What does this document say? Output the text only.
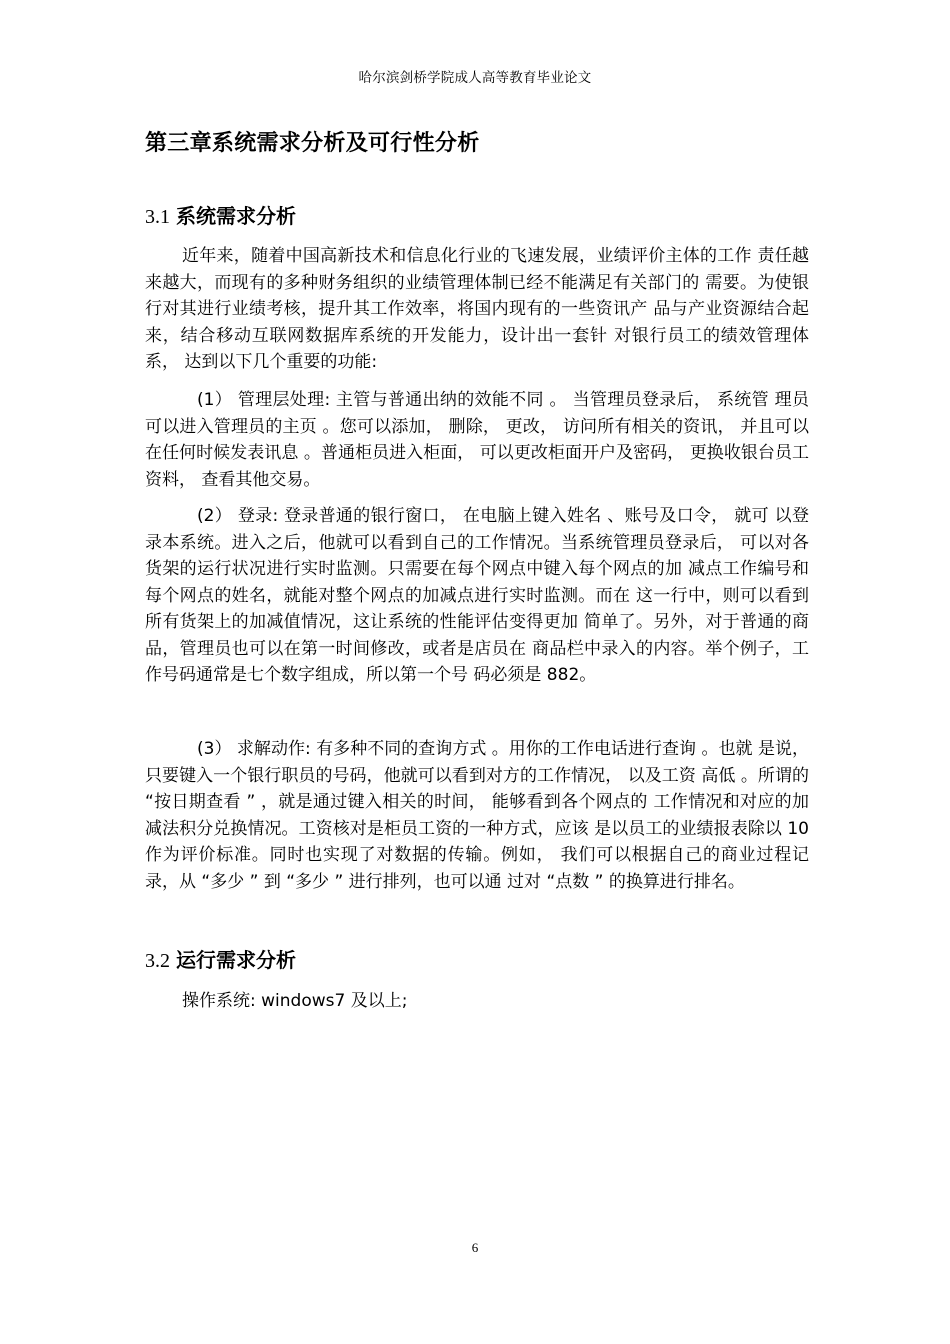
哈尔滨剑桥学院成人高等教育毕业论文
第三章系统需求分析及可行性分析
3.1 系统需求分析

近年来，随着中国高新技术和信息化行业的飞速发展，业绩评价主体的工作 责任越来越大，而现有的多种财务组织的业绩管理体制已经不能满足有关部门的 需要。为使银行对其进行业绩考核，提升其工作效率，将国内现有的一些资讯产 品与产业资源结合起来，结合移动互联网数据库系统的开发能力，设计出一套针 对银行员工的绩效管理体系， 达到以下几个重要的功能:

(1） 管理层处理: 主管与普通出纳的效能不同 。 当管理员登录后， 系统管 理员可以进入管理员的主页 。您可以添加， 删除， 更改， 访问所有相关的资讯， 并且可以在任何时候发表讯息 。普通柜员进入柜面， 可以更改柜面开户及密码， 更换收银台员工资料， 查看其他交易。

(2） 登录: 登录普通的银行窗口， 在电脑上键入姓名 、账号及口令， 就可 以登录本系统。进入之后，他就可以看到自己的工作情况。当系统管理员登录后， 可以对各货架的运行状况进行实时监测。只需要在每个网点中键入每个网点的加 减点工作编号和每个网点的姓名，就能对整个网点的加减点进行实时监测。而在 这一行中，则可以看到所有货架上的加减值情况，这让系统的性能评估变得更加 简单了。另外，对于普通的商品，管理员也可以在第一时间修改，或者是店员在 商品栏中录入的内容。举个例子，工作号码通常是七个数字组成，所以第一个号 码必须是 882。

(3） 求解动作: 有多种不同的查询方式 。用你的工作电话进行查询 。也就 是说，只要键入一个银行职员的号码，他就可以看到对方的工作情况， 以及工资 高低 。所谓的 “按日期查看 ” ，就是通过键入相关的时间， 能够看到各个网点的 工作情况和对应的加减法积分兑换情况。工资核对是柜员工资的一种方式，应该 是以员工的业绩报表除以 10 作为评价标准。同时也实现了对数据的传输。例如， 我们可以根据自己的商业过程记录，从 “多少 ” 到 “多少 ” 进行排列，也可以通 过对 “点数 ” 的换算进行排名。

3.2 运行需求分析

操作系统: windows7 及以上;

6
